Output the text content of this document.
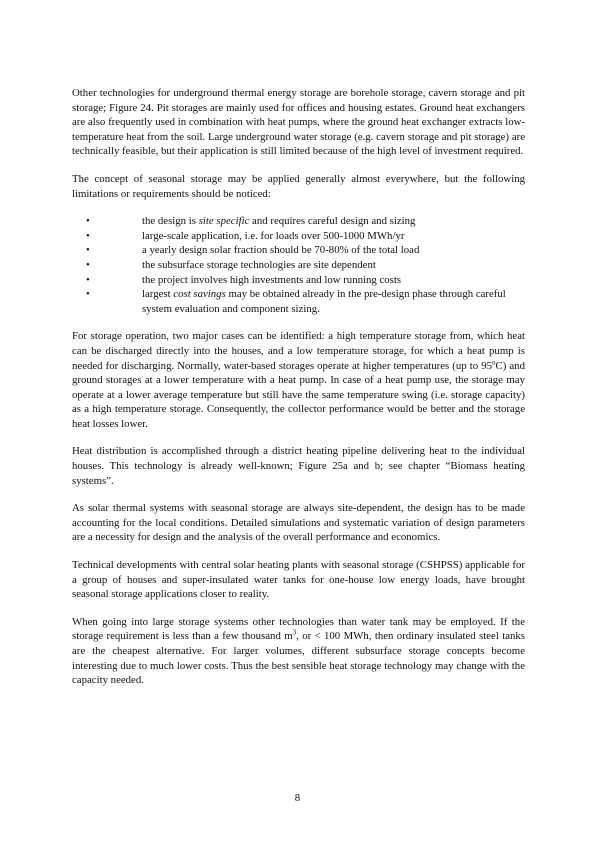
Other technologies for underground thermal energy storage are borehole storage, cavern storage and pit storage; Figure 24. Pit storages are mainly used for offices and housing estates. Ground heat exchangers are also frequently used in combination with heat pumps, where the ground heat exchanger extracts low-temperature heat from the soil. Large underground water storage (e.g. cavern storage and pit storage) are technically feasible, but their application is still limited because of the high level of investment required.

The concept of seasonal storage may be applied generally almost everywhere, but the following limitations or requirements should be noticed:

•	the design is site specific and requires careful design and sizing
•	large-scale application, i.e. for loads over 500-1000 MWh/yr
•	a yearly design solar fraction should be 70-80% of the total load
•	the subsurface storage technologies are site dependent
•	the project involves high investments and low running costs
•	largest cost savings may be obtained already in the pre-design phase through careful system evaluation and component sizing.

For storage operation, two major cases can be identified: a high temperature storage from, which heat can be discharged directly into the houses, and a low temperature storage, for which a heat pump is needed for discharging. Normally, water-based storages operate at higher temperatures (up to 95$^o$C) and ground storages at a lower temperature with a heat pump. In case of a heat pump use, the storage may operate at a lower average temperature but still have the same temperature swing (i.e. storage capacity) as a high temperature storage. Consequently, the collector performance would be better and the storage heat losses lower.

Heat distribution is accomplished through a district heating pipeline delivering heat to the individual houses. This technology is already well-known; Figure 25a and b; see chapter “Biomass heating systems”.

As solar thermal systems with seasonal storage are always site-dependent, the design has to be made accounting for the local conditions. Detailed simulations and systematic variation of design parameters are a necessity for design and the analysis of the overall performance and economics.

Technical developments with central solar heating plants with seasonal storage (CSHPSS) applicable for a group of houses and super-insulated water tanks for one-house low energy loads, have brought seasonal storage applications closer to reality.

When going into large storage systems other technologies than water tank may be employed. If the storage requirement is less than a few thousand $m^3$, or < 100 MWh, then ordinary insulated steel tanks are the cheapest alternative. For larger volumes, different subsurface storage concepts become interesting due to much lower costs. Thus the best sensible heat storage technology may change with the capacity needed.

8
